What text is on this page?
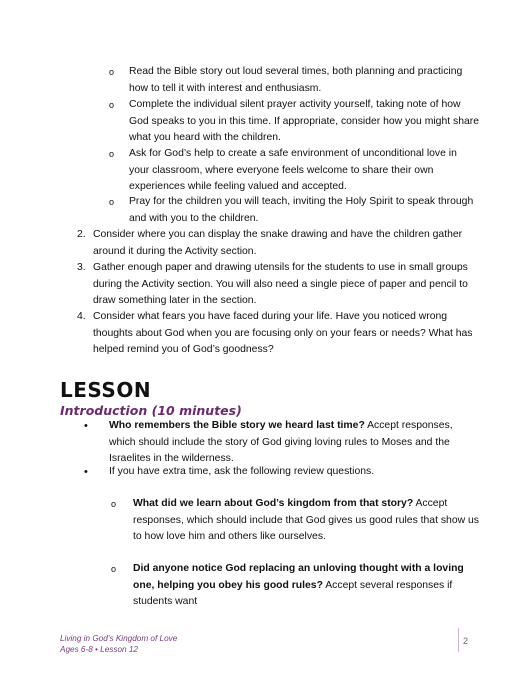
o Read the Bible story out loud several times, both planning and practicing how to tell it with interest and enthusiasm.
o Complete the individual silent prayer activity yourself, taking note of how God speaks to you in this time. If appropriate, consider how you might share what you heard with the children.
o Ask for God’s help to create a safe environment of unconditional love in your classroom, where everyone feels welcome to share their own experiences while feeling valued and accepted.
o Pray for the children you will teach, inviting the Holy Spirit to speak through and with you to the children.
2. Consider where you can display the snake drawing and have the children gather around it during the Activity section.
3. Gather enough paper and drawing utensils for the students to use in small groups during the Activity section. You will also need a single piece of paper and pencil to draw something later in the section.
4. Consider what fears you have faced during your life. Have you noticed wrong thoughts about God when you are focusing only on your fears or needs? What has helped remind you of God’s goodness?
LESSON
Introduction (10 minutes)
• Who remembers the Bible story we heard last time? Accept responses, which should include the story of God giving loving rules to Moses and the Israelites in the wilderness.
• If you have extra time, ask the following review questions.
o What did we learn about God’s kingdom from that story? Accept responses, which should include that God gives us good rules that show us to how love him and others like ourselves.
o Did anyone notice God replacing an unloving thought with a loving one, helping you obey his good rules? Accept several responses if students want
Living in God’s Kingdom of Love
Ages 6-8 • Lesson 12
2
